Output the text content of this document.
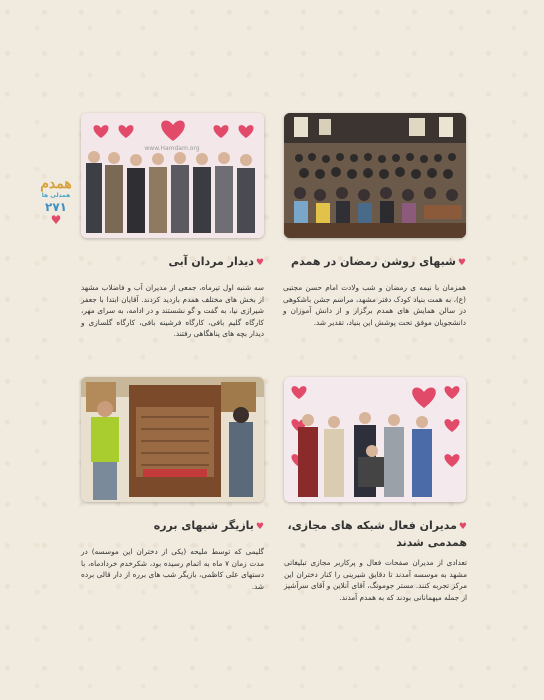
همدم
همدلی ها
۲۷۱
♥
www.Hamdam.org
♥شبهای روشن رمضان در همدم
همزمان با نیمه ی رمضان و شب ولادت امام حسن مجتبی (ع)، به همت بنیاد کودک دفتر مشهد، مراسم جشن باشکوهی در سالن همایش های همدم برگزار و از دانش آموزان و دانشجویان موفق تحت پوشش این بنیاد، تقدیر شد.
♥دیدار مردان آبی
سه شنبه اول تیرماه، جمعی از مدیران آب و فاضلاب مشهد از بخش های مختلف همدم بازدید کردند. آقایان ابتدا با جعفر شیرازی نیا، به گفت و گو نشستند و در ادامه، به سرای مهر، کارگاه گلیم بافی، کارگاه فرشینه بافی، کارگاه گلسازی و دیدار بچه های پناهگاهی رفتند.
♥مدیران فعال شبکه های مجازی، همدمی شدند
تعدادی از مدیران صفحات فعال و پرکاربر مجازی تبلیغاتی مشهد به موسسه آمدند تا دقایق شیرینی را کنار دختران این مرکز تجربه کنند. مستر جومونگ، آقای آنلاین و آقای سرآشپز از جمله میهمانانی بودند که به همدم آمدند.
♥بازیگر شبهای برره
گلیمی که توسط ملیحه (یکی از دختران این موسسه) در مدت زمان ۷ ماه به اتمام رسیده بود، شکرخدم خردادماه، با دستهای علی کاظمی، بازیگر شب های برره از دار قالی برده شد.
